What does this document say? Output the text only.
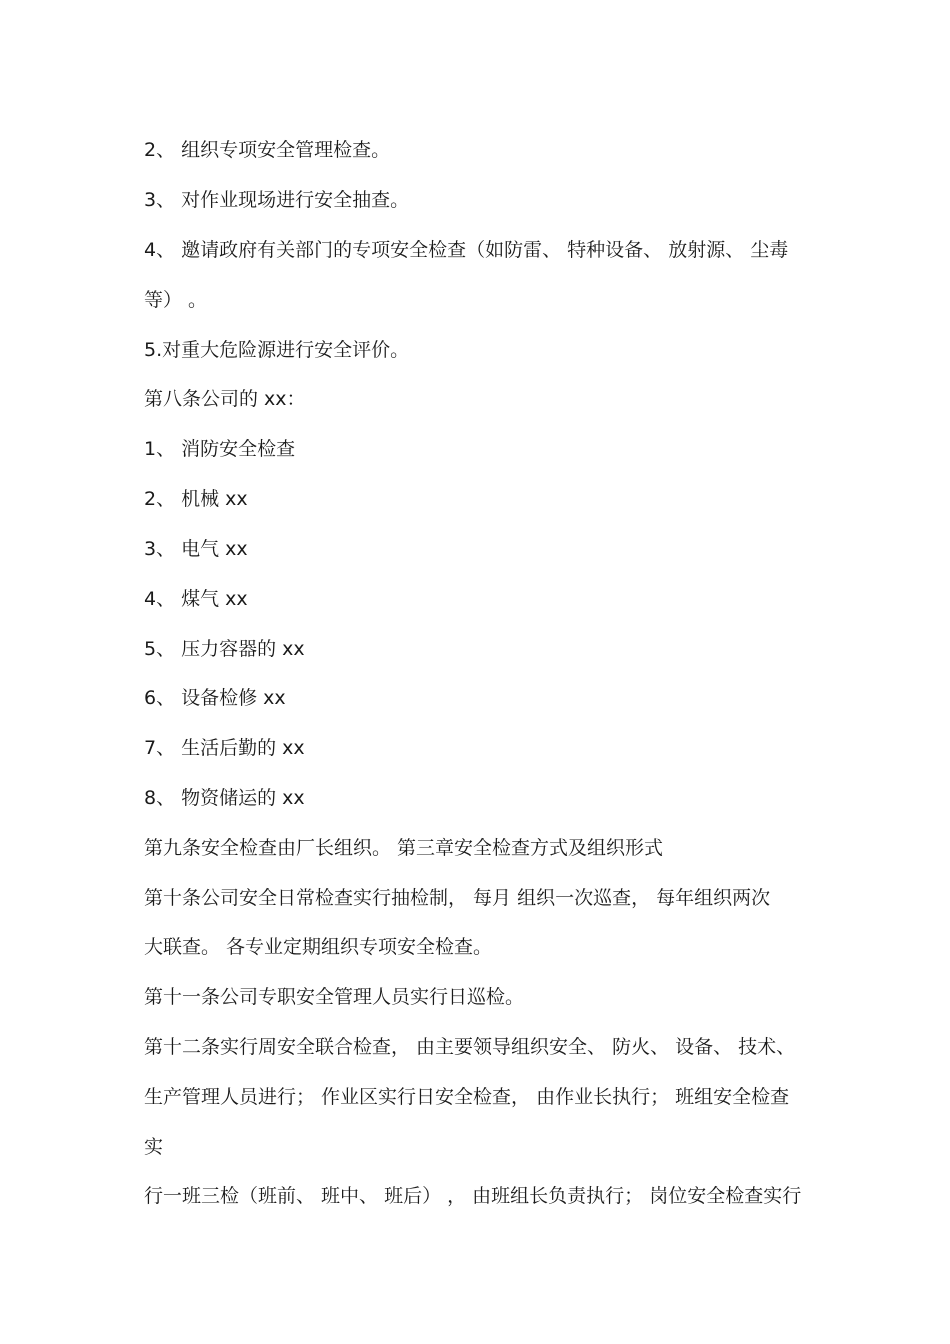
2、 组织专项安全管理检查。
3、 对作业现场进行安全抽查。
4、 邀请政府有关部门的专项安全检查（如防雷、 特种设备、 放射源、 尘毒
等） 。
5.对重大危险源进行安全评价。
第八条公司的 xx：
1、 消防安全检查
2、 机械 xx
3、 电气 xx
4、 煤气 xx
5、 压力容器的 xx
6、 设备检修 xx
7、 生活后勤的 xx
8、 物资储运的 xx
第九条安全检查由厂长组织。 第三章安全检查方式及组织形式
第十条公司安全日常检查实行抽检制， 每月 组织一次巡查， 每年组织两次
大联查。 各专业定期组织专项安全检查。
第十一条公司专职安全管理人员实行日巡检。
第十二条实行周安全联合检查， 由主要领导组织安全、 防火、 设备、 技术、
生产管理人员进行； 作业区实行日安全检查， 由作业长执行； 班组安全检查
实
行一班三检（班前、 班中、 班后） ， 由班组长负责执行； 岗位安全检查实行
